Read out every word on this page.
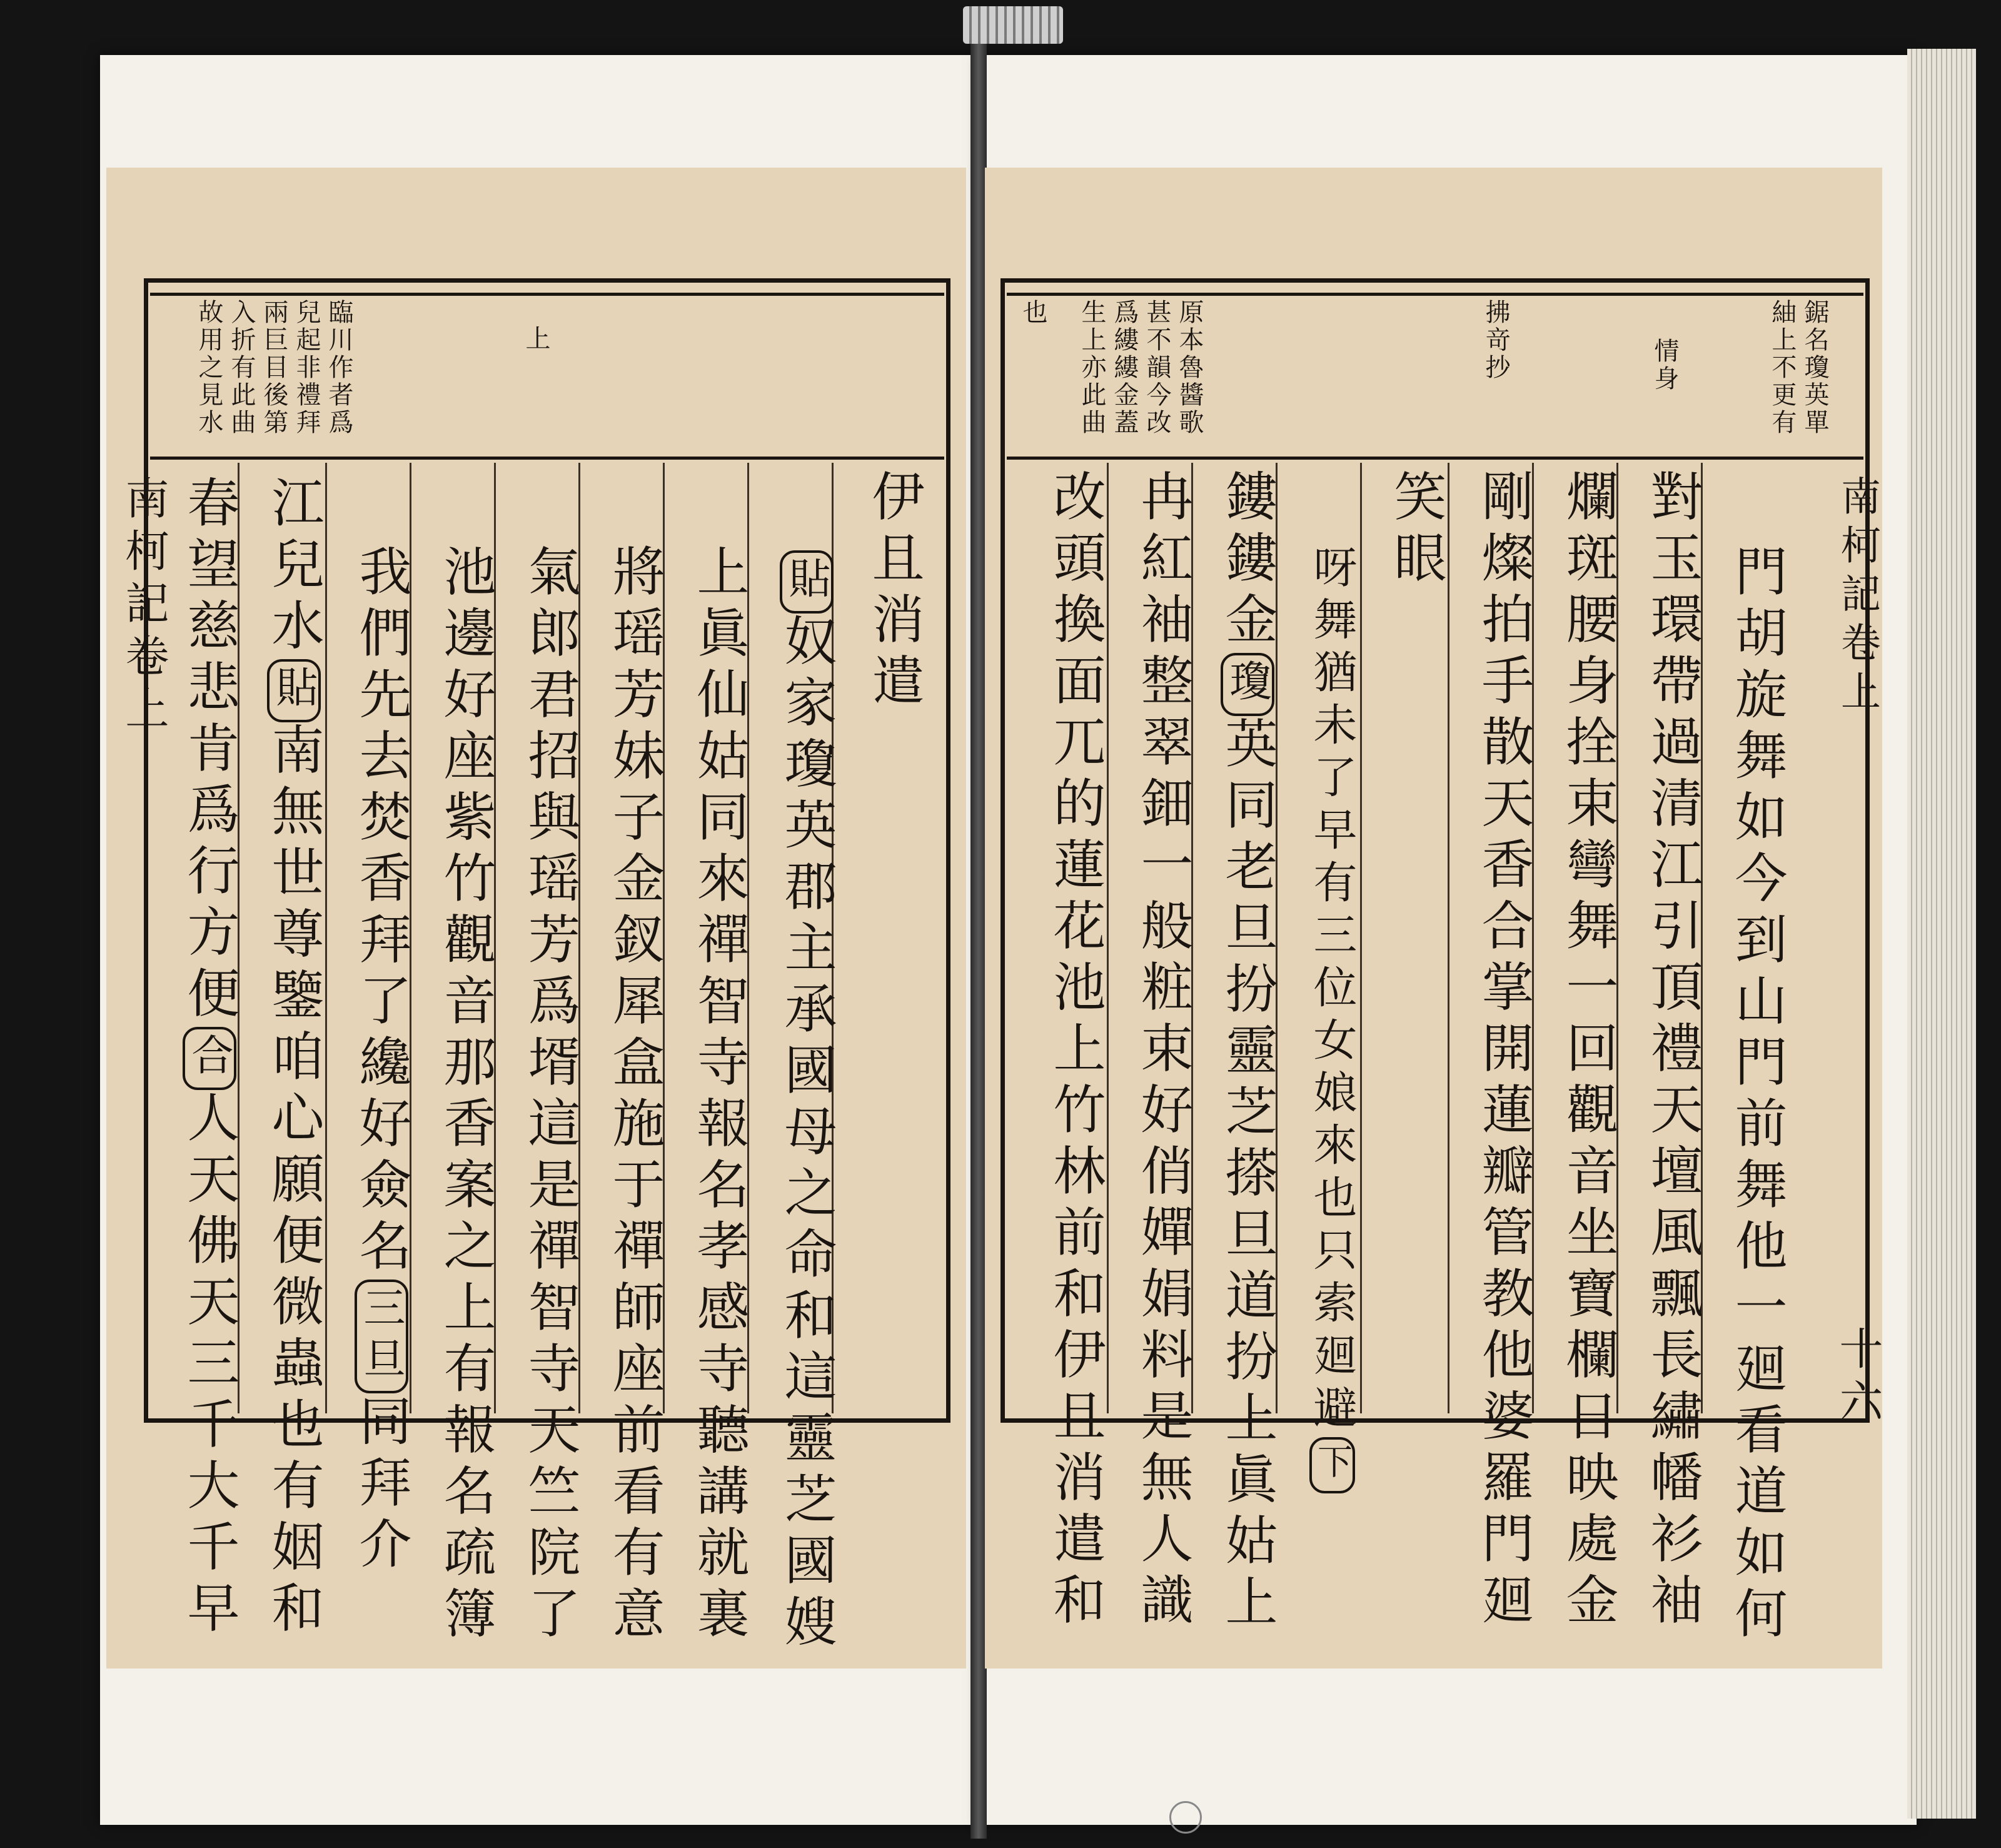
臨川作者爲
兒起非禮拜
兩巨目後第
入折有此曲
故用之見水	上
南柯記卷上	伊且消遣
貼奴家瓊英郡主承國母之命和這靈芝國嫂
上眞仙姑同來禪智寺報名孝感寺聽講就裏
將瑶芳妹子金釵犀盒施于禪師座前看有意
氣郎君招與瑶芳爲壻這是禪智寺天竺院了
池邊好座紫竹觀音那香案之上有報名疏簿
我們先去焚香拜了纔好僉名三旦同拜介
江兒水貼南無世尊鑒咱心願便微蟲也有姻和
春望慈悲肯爲行方便合人天佛天三千大千早
鋸名瓊英單
紬上不更有
情身
拂竒抄
原本魯醬歌
甚不韻今改
爲縷縷金蓋
生上亦此曲
也
南柯記卷上
十六
門胡旋舞如今到山門前舞他一廻看道如何
對玉環帶過清江引頂禮天壇風飄長繡幡衫袖
爛斑腰身拴束彎舞一回觀音坐寶欄日映處金
剛燦拍手散天香合掌開蓮瓣管教他婆羅門廻
笑眼
呀舞猶未了早有三位女娘來也只索廻避下
鏤鏤金瓊英同老旦扮靈芝搽旦道扮上眞姑上
冉紅袖整翠鈿一般粧束好俏嬋娟料是無人識
改頭換面兀的蓮花池上竹林前和伊且消遣和
